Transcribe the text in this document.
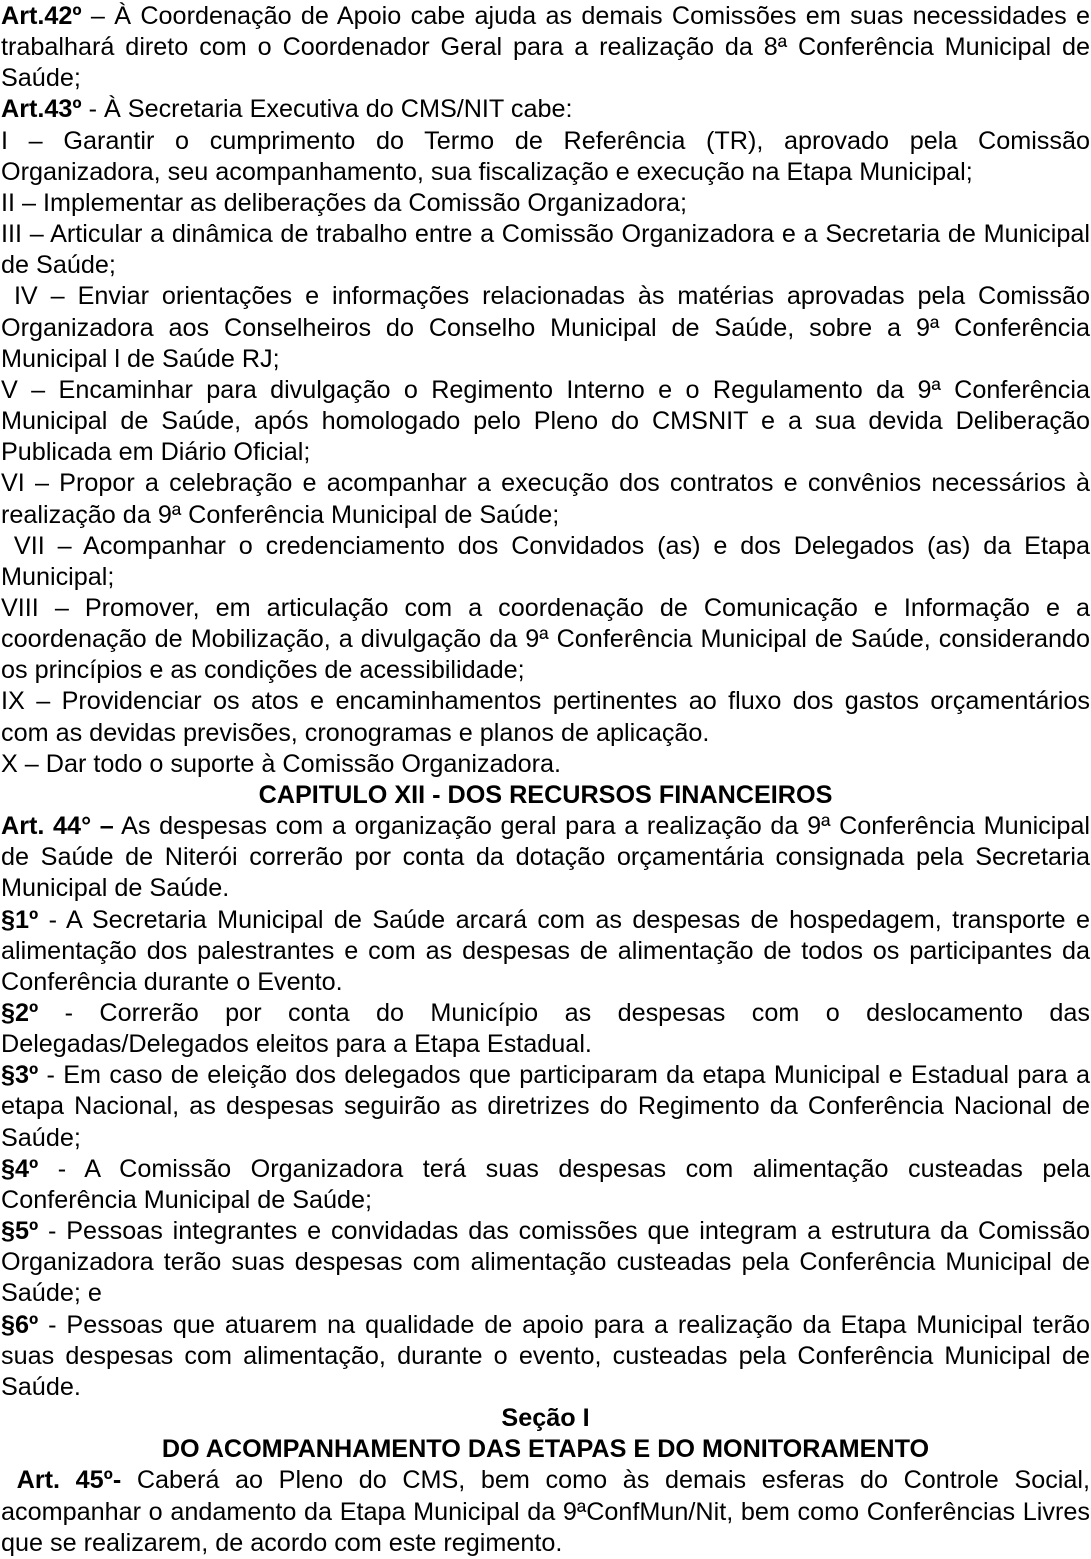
Art.42º – À Coordenação de Apoio cabe ajuda as demais Comissões em suas necessidades e trabalhará direto com o Coordenador Geral para a realização da 8ª Conferência Municipal de Saúde;

Art.43º - À Secretaria Executiva do CMS/NIT cabe:

I – Garantir o cumprimento do Termo de Referência (TR), aprovado pela Comissão Organizadora, seu acompanhamento, sua fiscalização e execução na Etapa Municipal;

II – Implementar as deliberações da Comissão Organizadora;

III – Articular a dinâmica de trabalho entre a Comissão Organizadora e a Secretaria de Municipal de Saúde;

IV – Enviar orientações e informações relacionadas às matérias aprovadas pela Comissão Organizadora aos Conselheiros do Conselho Municipal de Saúde, sobre a 9ª Conferência Municipal l de Saúde RJ;

V – Encaminhar para divulgação o Regimento Interno e o Regulamento da 9ª Conferência Municipal de Saúde, após homologado pelo Pleno do CMSNIT e a sua devida Deliberação Publicada em Diário Oficial;

VI – Propor a celebração e acompanhar a execução dos contratos e convênios necessários à realização da 9ª Conferência Municipal de Saúde;

VII – Acompanhar o credenciamento dos Convidados (as) e dos Delegados (as) da Etapa Municipal;

VIII – Promover, em articulação com a coordenação de Comunicação e Informação e a coordenação de Mobilização, a divulgação da 9ª Conferência Municipal de Saúde, considerando os princípios e as condições de acessibilidade;

IX – Providenciar os atos e encaminhamentos pertinentes ao fluxo dos gastos orçamentários com as devidas previsões, cronogramas e planos de aplicação.

X – Dar todo o suporte à Comissão Organizadora.

CAPITULO XII - DOS RECURSOS FINANCEIROS

Art. 44° – As despesas com a organização geral para a realização da 9ª Conferência Municipal de Saúde de Niterói correrão por conta da dotação orçamentária consignada pela Secretaria Municipal de Saúde.

§1º - A Secretaria Municipal de Saúde arcará com as despesas de hospedagem, transporte e alimentação dos palestrantes e com as despesas de alimentação de todos os participantes da Conferência durante o Evento.

§2º - Correrão por conta do Município as despesas com o deslocamento das Delegadas/Delegados eleitos para a Etapa Estadual.

§3º - Em caso de eleição dos delegados que participaram da etapa Municipal e Estadual para a etapa Nacional, as despesas seguirão as diretrizes do Regimento da Conferência Nacional de Saúde;

§4º - A Comissão Organizadora terá suas despesas com alimentação custeadas pela Conferência Municipal de Saúde;

§5º - Pessoas integrantes e convidadas das comissões que integram a estrutura da Comissão Organizadora terão suas despesas com alimentação custeadas pela Conferência Municipal de Saúde; e

§6º - Pessoas que atuarem na qualidade de apoio para a realização da Etapa Municipal terão suas despesas com alimentação, durante o evento, custeadas pela Conferência Municipal de Saúde.

Seção I

DO ACOMPANHAMENTO DAS ETAPAS E DO MONITORAMENTO

Art. 45º- Caberá ao Pleno do CMS, bem como às demais esferas do Controle Social, acompanhar o andamento da Etapa Municipal da 9ªConfMun/Nit, bem como Conferências Livres que se realizarem, de acordo com este regimento.
